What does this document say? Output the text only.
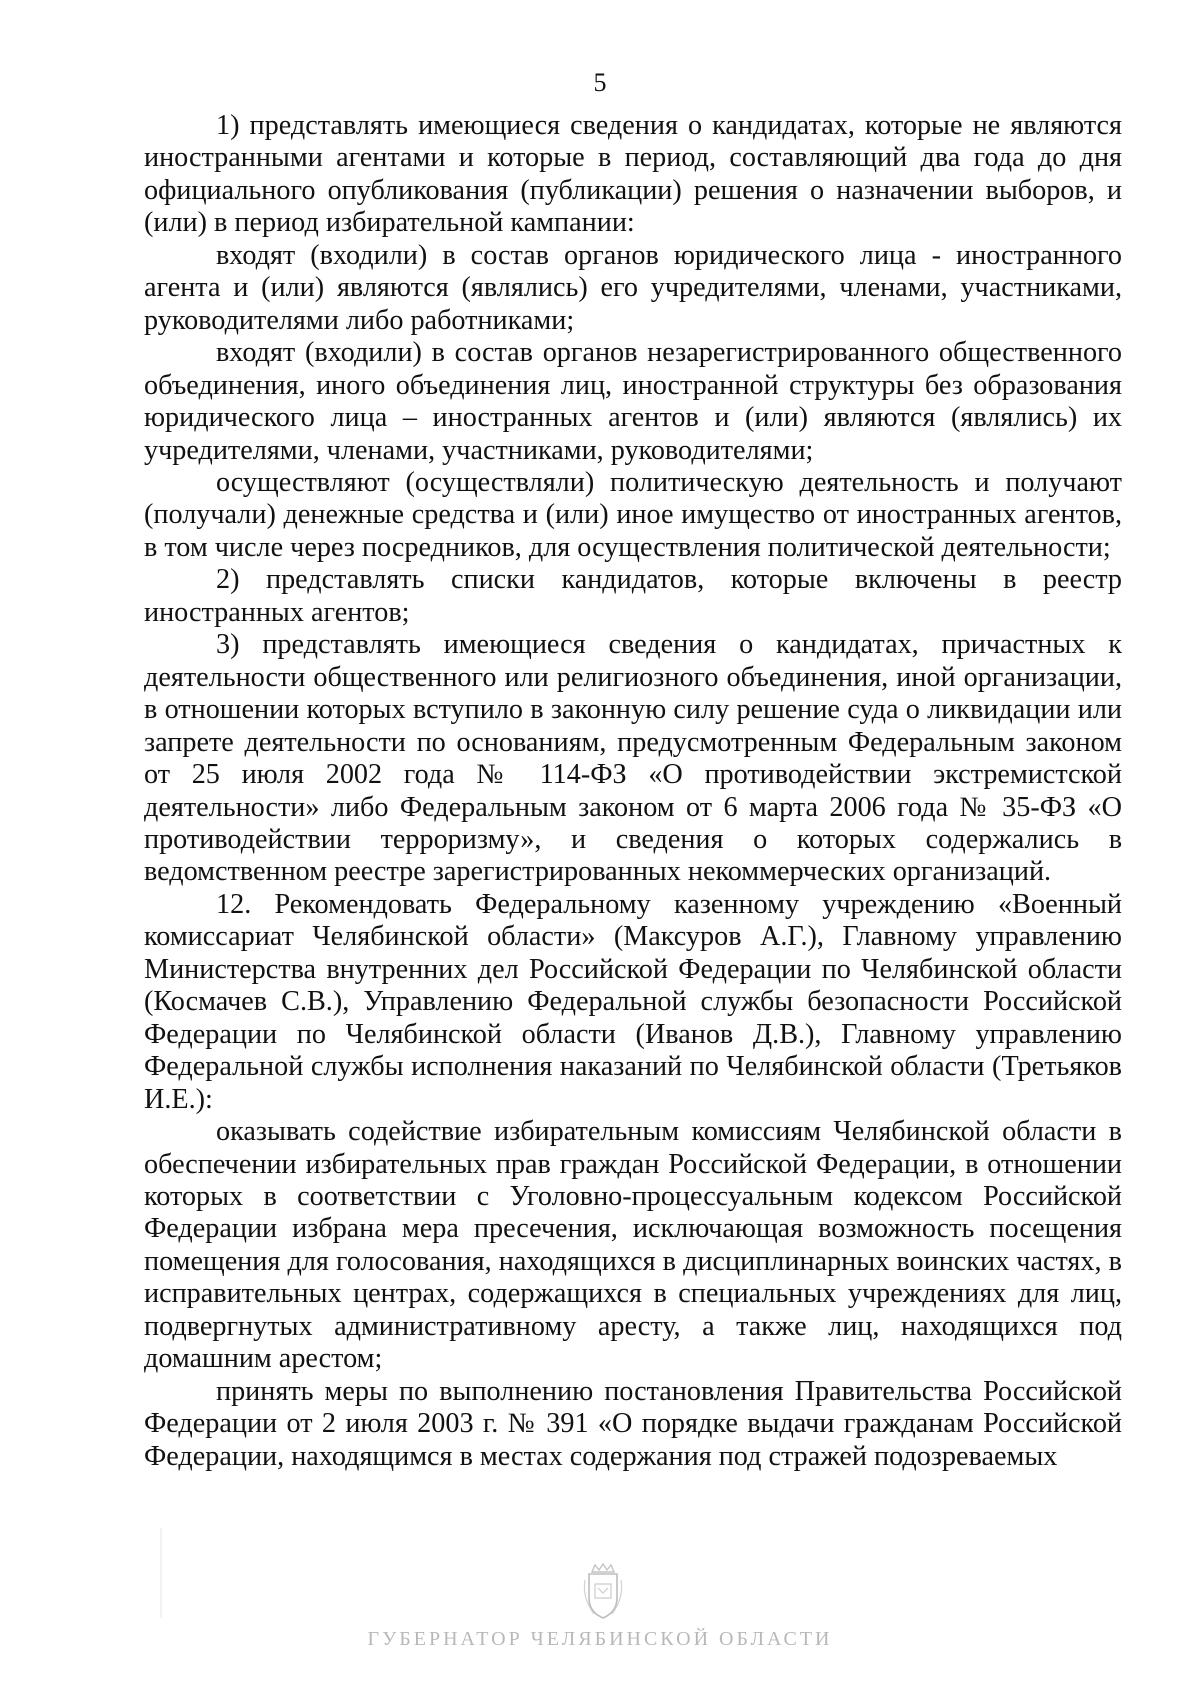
5

1) представлять имеющиеся сведения о кандидатах, которые не являются иностранными агентами и которые в период, составляющий два года до дня официального опубликования (публикации) решения о назначении выборов, и (или) в период избирательной кампании:

входят (входили) в состав органов юридического лица - иностранного агента и (или) являются (являлись) его учредителями, членами, участниками, руководителями либо работниками;

входят (входили) в состав органов незарегистрированного общественного объединения, иного объединения лиц, иностранной структуры без образования юридического лица – иностранных агентов и (или) являются (являлись) их учредителями, членами, участниками, руководителями;

осуществляют (осуществляли) политическую деятельность и получают (получали) денежные средства и (или) иное имущество от иностранных агентов, в том числе через посредников, для осуществления политической деятельности;

2) представлять списки кандидатов, которые включены в реестр иностранных агентов;

3) представлять имеющиеся сведения о кандидатах, причастных к деятельности общественного или религиозного объединения, иной организации, в отношении которых вступило в законную силу решение суда о ликвидации или запрете деятельности по основаниям, предусмотренным Федеральным законом от 25 июля 2002 года № 114-ФЗ «О противодействии экстремистской деятельности» либо Федеральным законом от 6 марта 2006 года № 35-ФЗ «О противодействии терроризму», и сведения о которых содержались в ведомственном реестре зарегистрированных некоммерческих организаций.

12. Рекомендовать Федеральному казенному учреждению «Военный комиссариат Челябинской области» (Максуров А.Г.), Главному управлению Министерства внутренних дел Российской Федерации по Челябинской области (Космачев С.В.), Управлению Федеральной службы безопасности Российской Федерации по Челябинской области (Иванов Д.В.), Главному управлению Федеральной службы исполнения наказаний по Челябинской области (Третьяков И.Е.):

оказывать содействие избирательным комиссиям Челябинской области в обеспечении избирательных прав граждан Российской Федерации, в отношении которых в соответствии с Уголовно-процессуальным кодексом Российской Федерации избрана мера пресечения, исключающая возможность посещения помещения для голосования, находящихся в дисциплинарных воинских частях, в исправительных центрах, содержащихся в специальных учреждениях для лиц, подвергнутых административному аресту, а также лиц, находящихся под домашним арестом;

принять меры по выполнению постановления Правительства Российской Федерации от 2 июля 2003 г. № 391 «О порядке выдачи гражданам Российской Федерации, находящимся в местах содержания под стражей подозреваемых

ГУБЕРНАТОР ЧЕЛЯБИНСКОЙ ОБЛАСТИ
